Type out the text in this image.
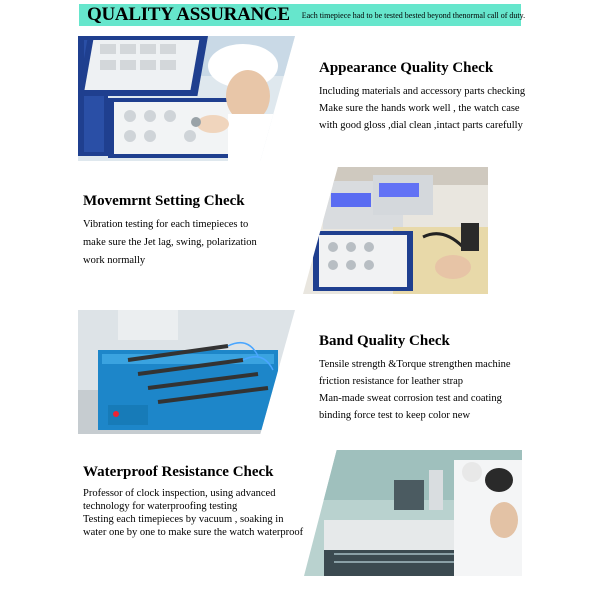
QUALITY ASSURANCE Each timepiece had to be tested bested beyond thenormal call of duty.
Appearance Quality Check

Including materials and accessory parts checking

Make sure the hands work well , the watch case

with good gloss ,dial clean ,intact parts carefully

Movemrnt Setting Check

Vibration testing for each timepieces to

make sure the Jet lag, swing, polarization

work normally

Band Quality Check

Tensile strength &Torque strengthen machine

friction resistance for leather strap

Man-made sweat corrosion test and coating

binding force test to keep color new

Waterproof Resistance Check

Professor of clock inspection, using advanced

technology for waterproofing testing

Testing each timepieces by vacuum , soaking in

water one by one to make sure the watch waterproof
